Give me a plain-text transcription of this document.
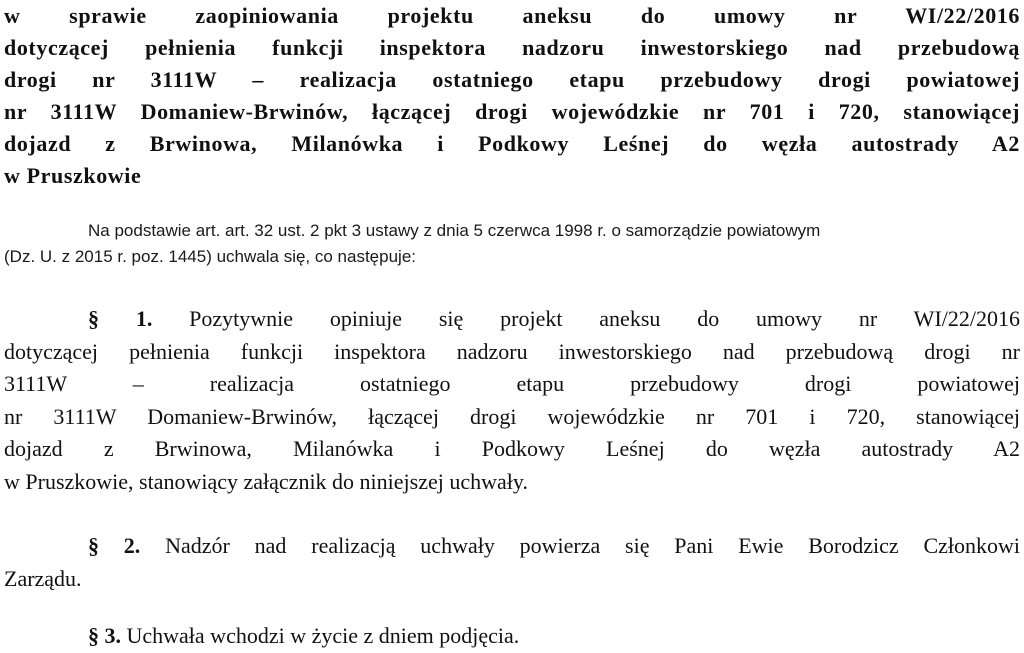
w sprawie zaopiniowania projektu aneksu do umowy nr WI/22/2016
dotyczącej pełnienia funkcji inspektora nadzoru inwestorskiego nad przebudową
drogi nr 3111W – realizacja ostatniego etapu przebudowy drogi powiatowej
nr 3111W Domaniew-Brwinów, łączącej drogi wojewódzkie nr 701 i 720, stanowiącej
dojazd z Brwinowa, Milanówka i Podkowy Leśnej do węzła autostrady A2
w Pruszkowie
Na podstawie art. art. 32 ust. 2 pkt 3 ustawy z dnia 5 czerwca 1998 r. o samorządzie powiatowym
(Dz. U. z 2015 r. poz. 1445) uchwala się, co następuje:
§ 1. Pozytywnie opiniuje się projekt aneksu do umowy nr WI/22/2016
dotyczącej pełnienia funkcji inspektora nadzoru inwestorskiego nad przebudową drogi nr
3111W – realizacja ostatniego etapu przebudowy drogi powiatowej
nr 3111W Domaniew-Brwinów, łączącej drogi wojewódzkie nr 701 i 720, stanowiącej
dojazd z Brwinowa, Milanówka i Podkowy Leśnej do węzła autostrady A2
w Pruszkowie, stanowiący załącznik do niniejszej uchwały.
§ 2. Nadzór nad realizacją uchwały powierza się Pani Ewie Borodzicz Członkowi
Zarządu.
§ 3. Uchwała wchodzi w życie z dniem podjęcia.
